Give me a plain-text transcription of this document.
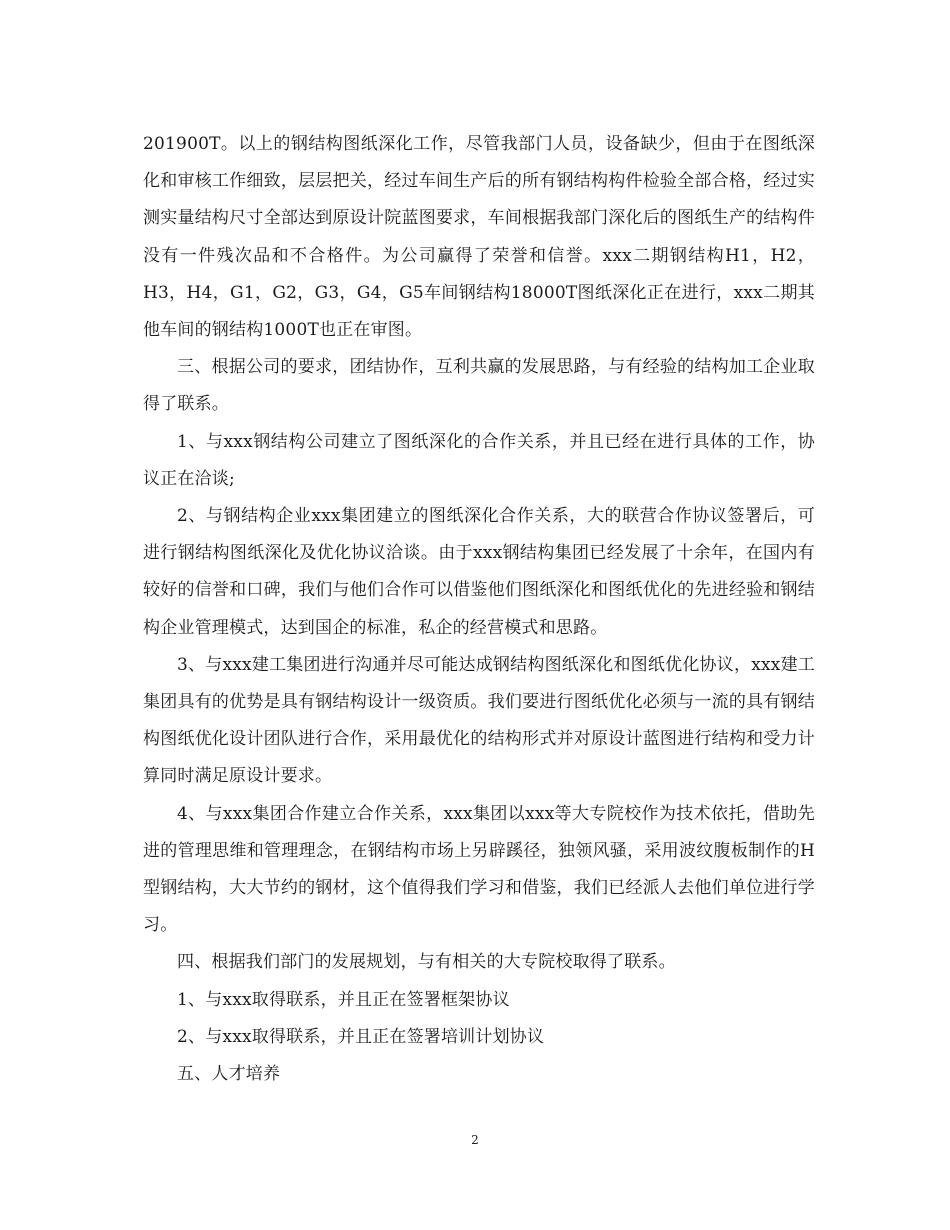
201900T。以上的钢结构图纸深化工作，尽管我部门人员，设备缺少，但由于在图纸深化和审核工作细致，层层把关，经过车间生产后的所有钢结构构件检验全部合格，经过实测实量结构尺寸全部达到原设计院蓝图要求，车间根据我部门深化后的图纸生产的结构件没有一件残次品和不合格件。为公司赢得了荣誉和信誉。xxx二期钢结构H1，H2，H3，H4，G1，G2，G3，G4，G5车间钢结构18000T图纸深化正在进行，xxx二期其他车间的钢结构1000T也正在审图。

三、根据公司的要求，团结协作，互利共赢的发展思路，与有经验的结构加工企业取得了联系。

1、与xxx钢结构公司建立了图纸深化的合作关系，并且已经在进行具体的工作，协议正在洽谈;

2、与钢结构企业xxx集团建立的图纸深化合作关系，大的联营合作协议签署后，可进行钢结构图纸深化及优化协议洽谈。由于xxx钢结构集团已经发展了十余年，在国内有较好的信誉和口碑，我们与他们合作可以借鉴他们图纸深化和图纸优化的先进经验和钢结构企业管理模式，达到国企的标准，私企的经营模式和思路。

3、与xxx建工集团进行沟通并尽可能达成钢结构图纸深化和图纸优化协议，xxx建工集团具有的优势是具有钢结构设计一级资质。我们要进行图纸优化必须与一流的具有钢结构图纸优化设计团队进行合作，采用最优化的结构形式并对原设计蓝图进行结构和受力计算同时满足原设计要求。

4、与xxx集团合作建立合作关系，xxx集团以xxx等大专院校作为技术依托，借助先进的管理思维和管理理念，在钢结构市场上另辟蹊径，独领风骚，采用波纹腹板制作的H型钢结构，大大节约的钢材，这个值得我们学习和借鉴，我们已经派人去他们单位进行学习。

四、根据我们部门的发展规划，与有相关的大专院校取得了联系。

1、与xxx取得联系，并且正在签署框架协议

2、与xxx取得联系，并且正在签署培训计划协议

五、人才培养

2
